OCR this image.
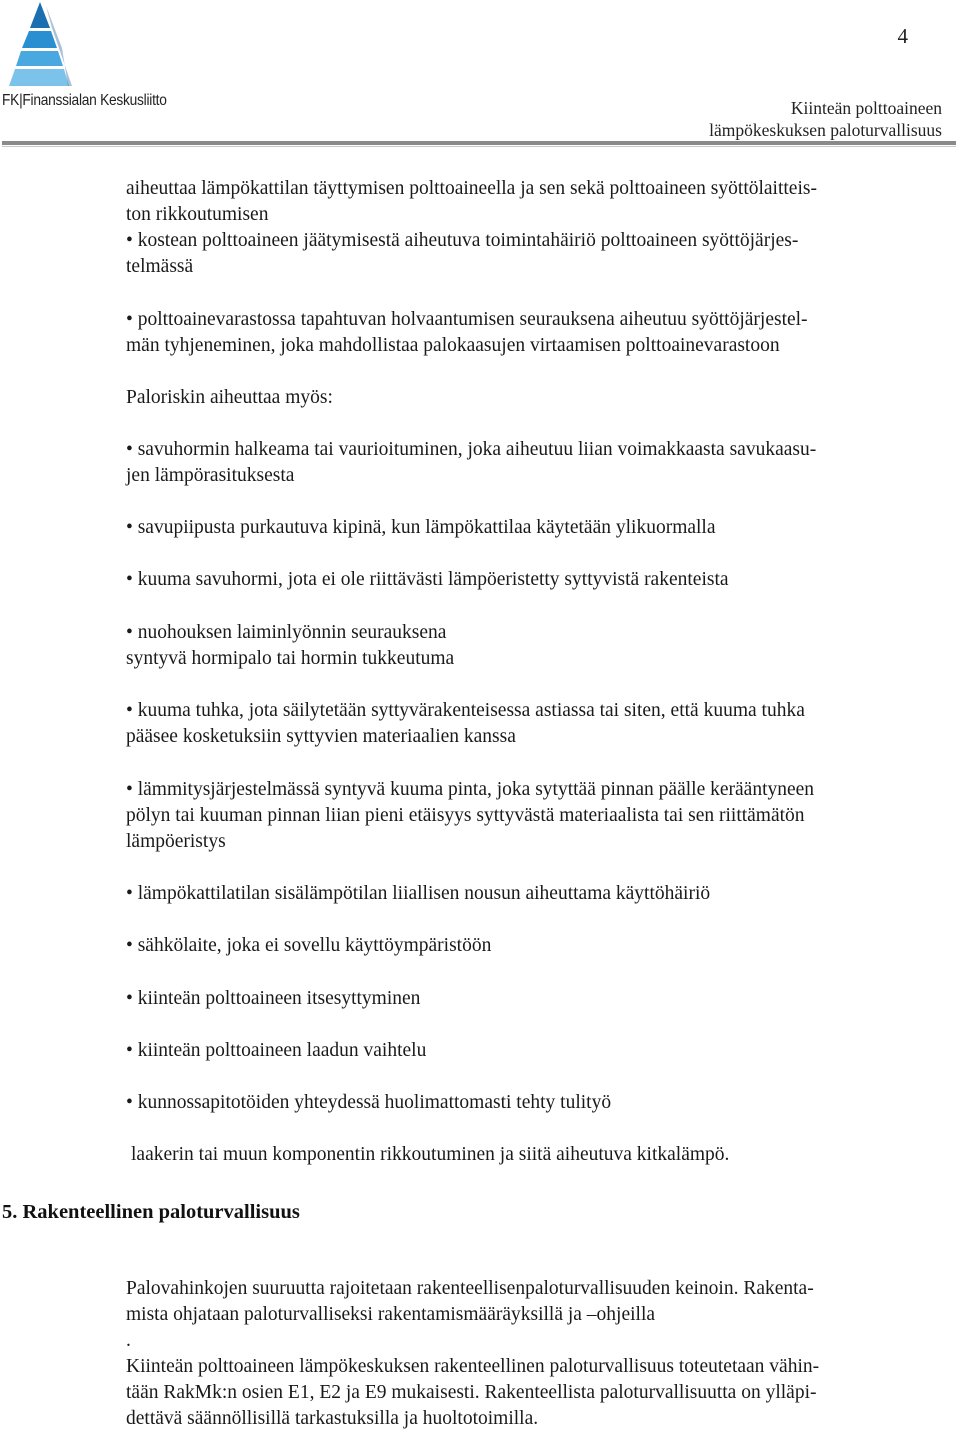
FK|Finanssialan Keskusliitto
4
Kiinteän polttoaineen
lämpökeskuksen paloturvallisuus
aiheuttaa lämpökattilan täyttymisen polttoaineella ja sen sekä polttoaineen syöttölaitteis-
ton rikkoutumisen
• kostean polttoaineen jäätymisestä aiheutuva toimintahäiriö polttoaineen syöttöjärjes-
telmässä
• polttoainevarastossa tapahtuvan holvaantumisen seurauksena aiheutuu syöttöjärjestel-
män tyhjeneminen, joka mahdollistaa palokaasujen virtaamisen polttoainevarastoon
Paloriskin aiheuttaa myös:
• savuhormin halkeama tai vaurioituminen, joka aiheutuu liian voimakkaasta savukaasu-
jen lämpörasituksesta
• savupiipusta purkautuva kipinä, kun lämpökattilaa käytetään ylikuormalla
• kuuma savuhormi, jota ei ole riittävästi lämpöeristetty syttyvistä rakenteista
• nuohouksen laiminlyönnin seurauksena
syntyvä hormipalo tai hormin tukkeutuma
• kuuma tuhka, jota säilytetään syttyvärakenteisessa astiassa tai siten, että kuuma tuhka
pääsee kosketuksiin syttyvien materiaalien kanssa
• lämmitysjärjestelmässä syntyvä kuuma pinta, joka sytyttää pinnan päälle kerääntyneen
pölyn tai kuuman pinnan liian pieni etäisyys syttyvästä materiaalista tai sen riittämätön
lämpöeristys
• lämpökattilatilan sisälämpötilan liiallisen nousun aiheuttama käyttöhäiriö
• sähkölaite, joka ei sovellu käyttöympäristöön
• kiinteän polttoaineen itsesyttyminen
• kiinteän polttoaineen laadun vaihtelu
• kunnossapitotöiden yhteydessä huolimattomasti tehty tulityö
laakerin tai muun komponentin rikkoutuminen ja siitä aiheutuva kitkalämpö.
5. Rakenteellinen paloturvallisuus
Palovahinkojen suuruutta rajoitetaan rakenteellisenpaloturvallisuuden keinoin. Rakenta-
mista ohjataan paloturvalliseksi rakentamismääräyksillä ja –ohjeilla
.
Kiinteän polttoaineen lämpökeskuksen rakenteellinen paloturvallisuus toteutetaan vähin-
tään RakMk:n osien E1, E2 ja E9 mukaisesti. Rakenteellista paloturvallisuutta on ylläpi-
dettävä säännöllisillä tarkastuksilla ja huoltotoimilla.
